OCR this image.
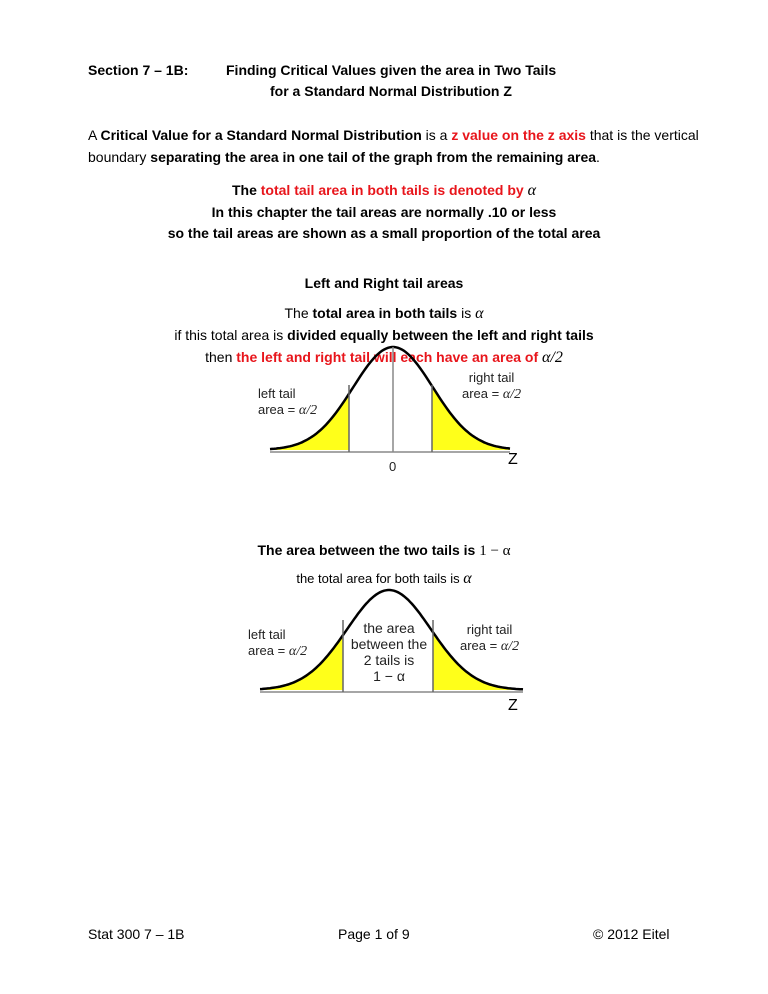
Section 7 – 1B:	Finding Critical Values given the area in Two Tails
for a Standard Normal Distribution Z
A Critical Value for a Standard Normal Distribution is a z value on the z axis that is the vertical
boundary separating the area in one tail of the graph from the remaining area.
The total tail area in both tails is denoted by α
In this chapter the tail areas are normally .10 or less
so the tail areas are shown as a small proportion of the total area
Left and Right tail areas
The total area in both tails is α
if this total area is divided equally between the left and right tails
then the left and right tail will each have an area of α/2
left tail
area = α/2
right tail
area = α/2
0	Z
The area between the two tails is 1 − α
the total area for both tails is α
left tail
area = α/2
the area
between the
2 tails is
1 − α
right tail
area = α/2
Z
Stat 300 7 – 1B	Page 1 of 9	© 2012 Eitel
